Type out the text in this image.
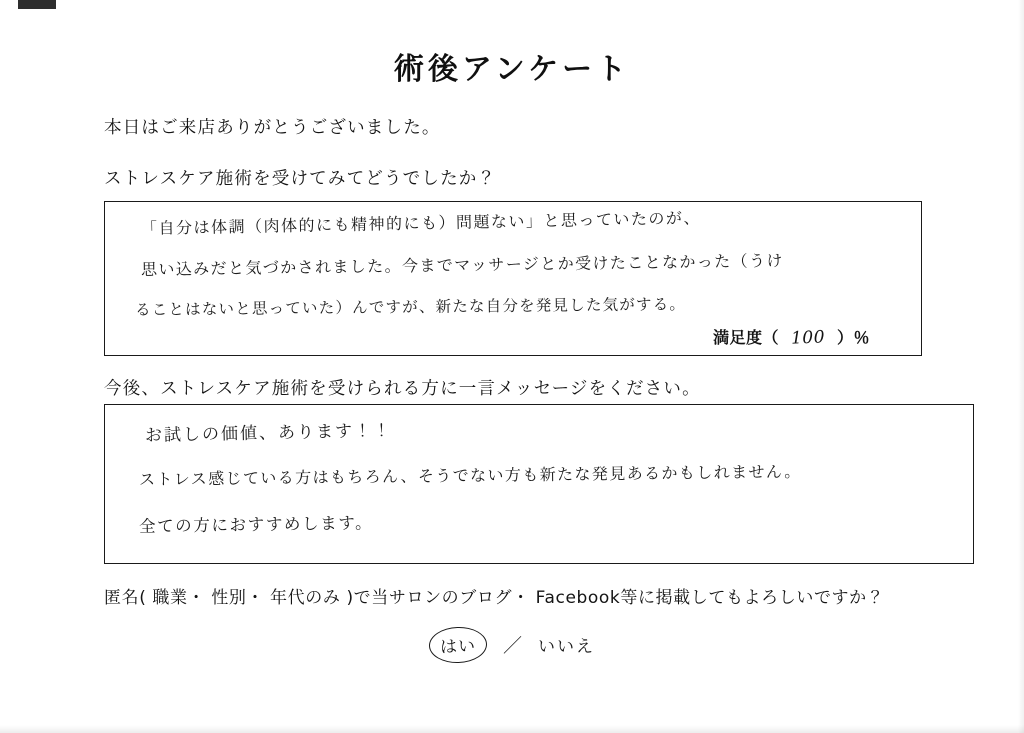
術後アンケート
本日はご来店ありがとうございました。
ストレスケア施術を受けてみてどうでしたか？
「自分は体調（肉体的にも精神的にも）問題ない」と思っていたのが、
思い込みだと気づかされました。今までマッサージとか受けたことなかった（うけ
ることはないと思っていた）んですが、新たな自分を発見した気がする。
満足度（ 100 ）％
今後、ストレスケア施術を受けられる方に一言メッセージをください。
お試しの価値、あります！！
ストレス感じている方はもちろん、そうでない方も新たな発見あるかもしれません。
全ての方におすすめします。
匿名( 職業・ 性別・ 年代のみ )で当サロンのブログ・ Facebook等に掲載してもよろしいですか？
はい ／ いいえ
